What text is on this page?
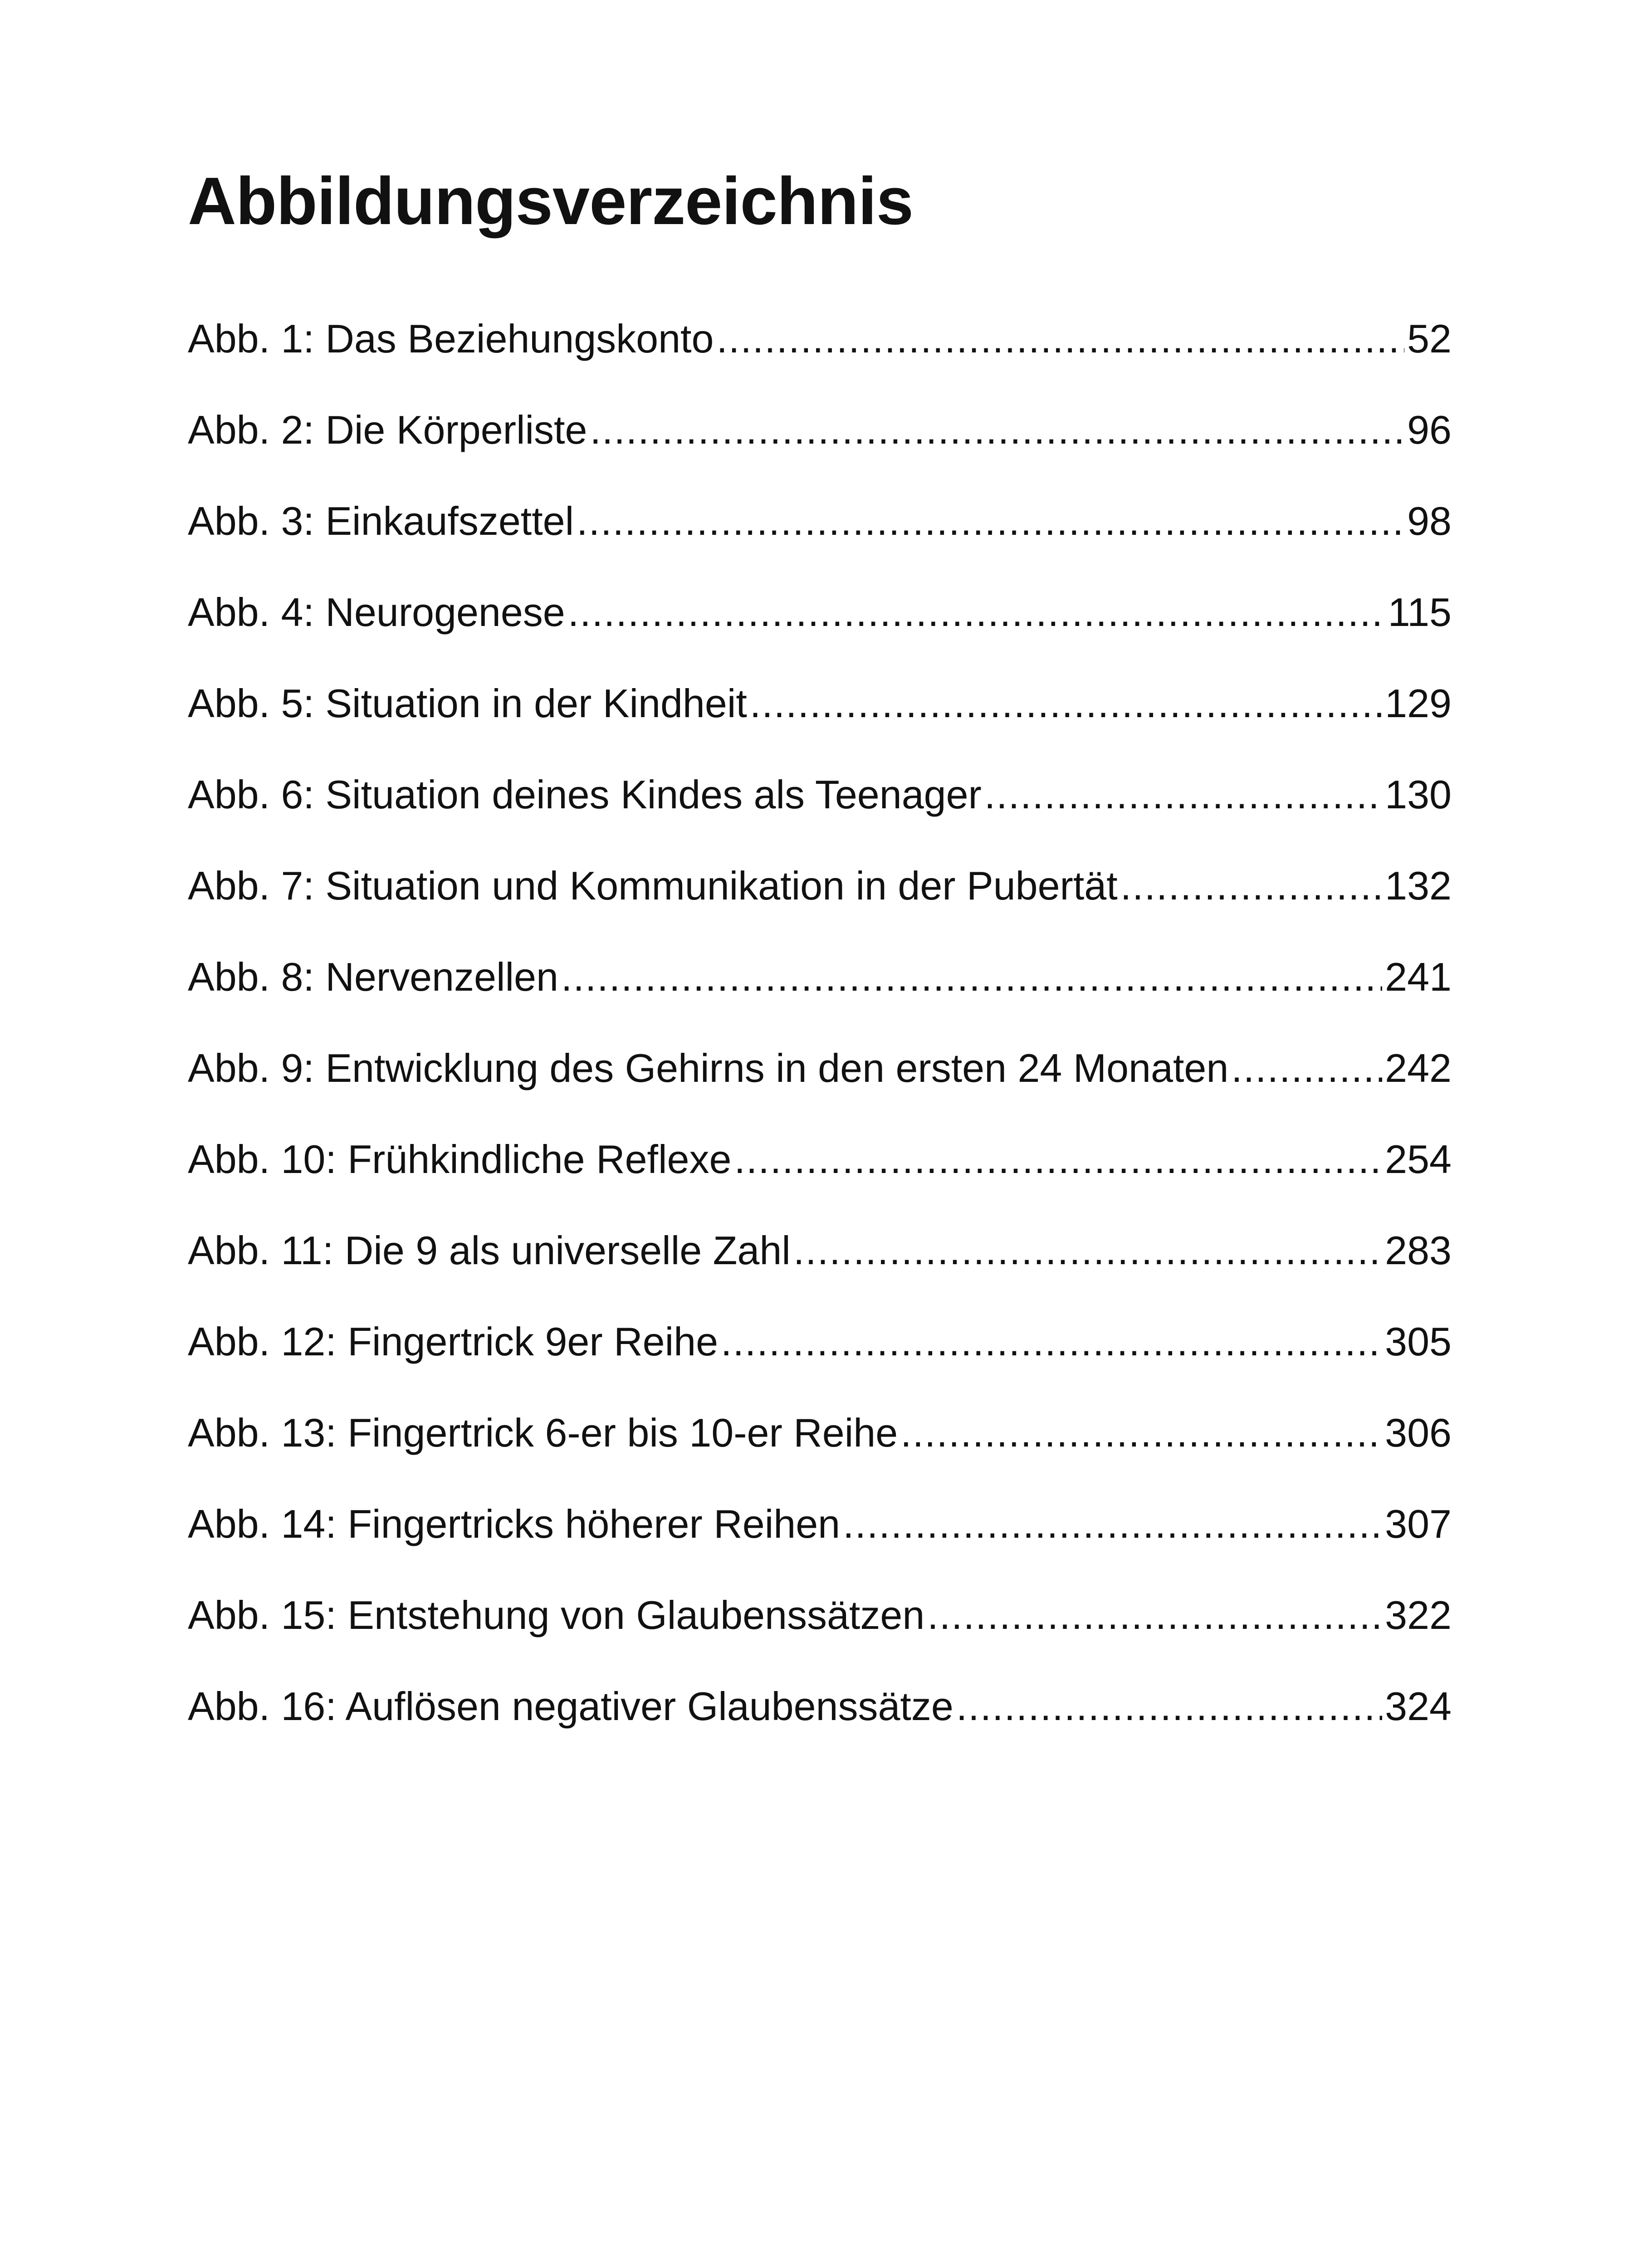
Abbildungsverzeichnis
Abb. 1: Das Beziehungskonto .....	52
Abb. 2: Die Körperliste .....	96
Abb. 3: Einkaufszettel .....	98
Abb. 4: Neurogenese .....	115
Abb. 5: Situation in der Kindheit .....	129
Abb. 6: Situation deines Kindes als Teenager .....	130
Abb. 7: Situation und Kommunikation in der Pubertät .....	132
Abb. 8: Nervenzellen .....	241
Abb. 9: Entwicklung des Gehirns in den ersten 24 Monaten .....	242
Abb. 10: Frühkindliche Reflexe .....	254
Abb. 11: Die 9 als universelle Zahl .....	283
Abb. 12: Fingertrick 9er Reihe .....	305
Abb. 13: Fingertrick 6-er bis 10-er Reihe .....	306
Abb. 14: Fingertricks höherer Reihen .....	307
Abb. 15: Entstehung von Glaubenssätzen .....	322
Abb. 16: Auflösen negativer Glaubenssätze .....	324
